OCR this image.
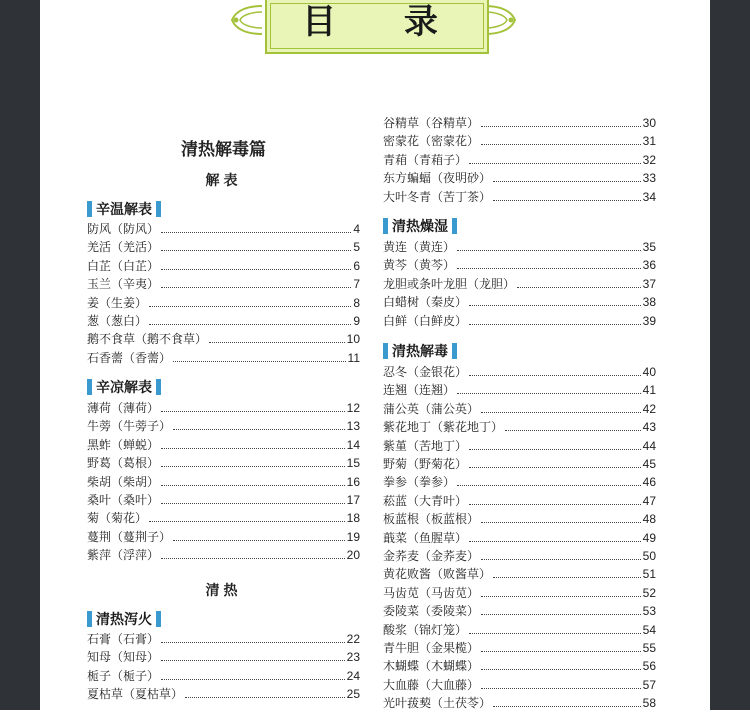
目 录
清热解毒篇
解表
辛温解表
防风（防风）	4
羌活（羌活）	5
白芷（白芷）	6
玉兰（辛夷）	7
姜（生姜）	8
葱（葱白）	9
鹅不食草（鹅不食草）	10
石香薷（香薷）	11
辛凉解表
薄荷（薄荷）	12
牛蒡（牛蒡子）	13
黑蚱（蝉蜕）	14
野葛（葛根）	15
柴胡（柴胡）	16
桑叶（桑叶）	17
菊（菊花）	18
蔓荆（蔓荆子）	19
紫萍（浮萍）	20
清热
清热泻火
石膏（石膏）	22
知母（知母）	23
栀子（栀子）	24
夏枯草（夏枯草）	25
谷精草（谷精草）	30
密蒙花（密蒙花）	31
青葙（青葙子）	32
东方蝙蝠（夜明砂）	33
大叶冬青（苦丁茶）	34
清热燥湿
黄连（黄连）	35
黄芩（黄芩）	36
龙胆或条叶龙胆（龙胆）	37
白蜡树（秦皮）	38
白鲜（白鲜皮）	39
清热解毒
忍冬（金银花）	40
连翘（连翘）	41
蒲公英（蒲公英）	42
紫花地丁（紫花地丁）	43
紫堇（苦地丁）	44
野菊（野菊花）	45
拳参（拳参）	46
菘蓝（大青叶）	47
板蓝根（板蓝根）	48
蕺菜（鱼腥草）	49
金荞麦（金荞麦）	50
黄花败酱（败酱草）	51
马齿苋（马齿苋）	52
委陵菜（委陵菜）	53
酸浆（锦灯笼）	54
青牛胆（金果榄）	55
木蝴蝶（木蝴蝶）	56
大血藤（大血藤）	57
光叶菝葜（土茯苓）	58
